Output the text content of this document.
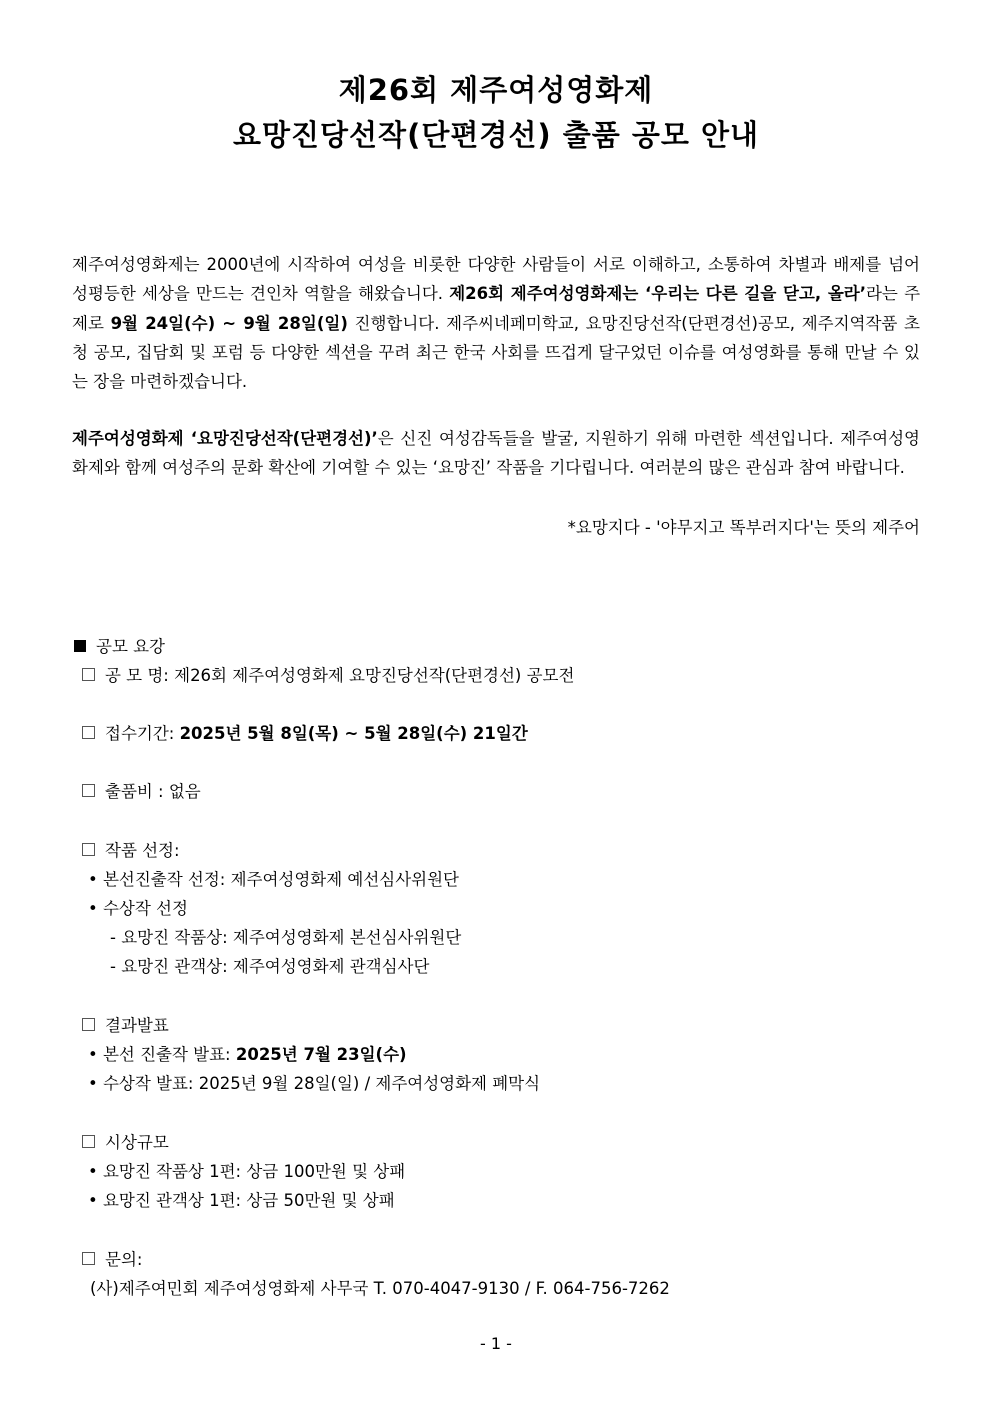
제26회 제주여성영화제
요망진당선작(단편경선) 출품 공모 안내
제주여성영화제는 2000년에 시작하여 여성을 비롯한 다양한 사람들이 서로 이해하고, 소통하여 차별과 배제를 넘어 성평등한 세상을 만드는 견인차 역할을 해왔습니다. 제26회 제주여성영화제는 ‘우리는 다른 길을 닫고, 올라’라는 주제로 9월 24일(수) ~ 9월 28일(일) 진행합니다. 제주씨네페미학교, 요망진당선작(단편경선)공모, 제주지역작품 초청 공모, 집담회 및 포럼 등 다양한 섹션을 꾸려 최근 한국 사회를 뜨겁게 달구었던 이슈를 여성영화를 통해 만날 수 있는 장을 마련하겠습니다.
제주여성영화제 ‘요망진당선작(단편경선)’은 신진 여성감독들을 발굴, 지원하기 위해 마련한 섹션입니다. 제주여성영화제와 함께 여성주의 문화 확산에 기여할 수 있는 ‘요망진’ 작품을 기다립니다. 여러분의 많은 관심과 참여 바랍니다.
*요망지다 - '야무지고 똑부러지다'는 뜻의 제주어
공모 요강
공 모 명: 제26회 제주여성영화제 요망진당선작(단편경선) 공모전
접수기간: 2025년 5월 8일(목) ~ 5월 28일(수) 21일간
출품비 : 없음
작품 선정:
• 본선진출작 선정: 제주여성영화제 예선심사위원단
• 수상작 선정
- 요망진 작품상: 제주여성영화제 본선심사위원단
- 요망진 관객상: 제주여성영화제 관객심사단
결과발표
• 본선 진출작 발표: 2025년 7월 23일(수)
• 수상작 발표: 2025년 9월 28일(일) / 제주여성영화제 폐막식
시상규모
• 요망진 작품상 1편: 상금 100만원 및 상패
• 요망진 관객상 1편: 상금 50만원 및 상패
문의:
(사)제주여민회 제주여성영화제 사무국 T. 070-4047-9130 / F. 064-756-7262
- 1 -
